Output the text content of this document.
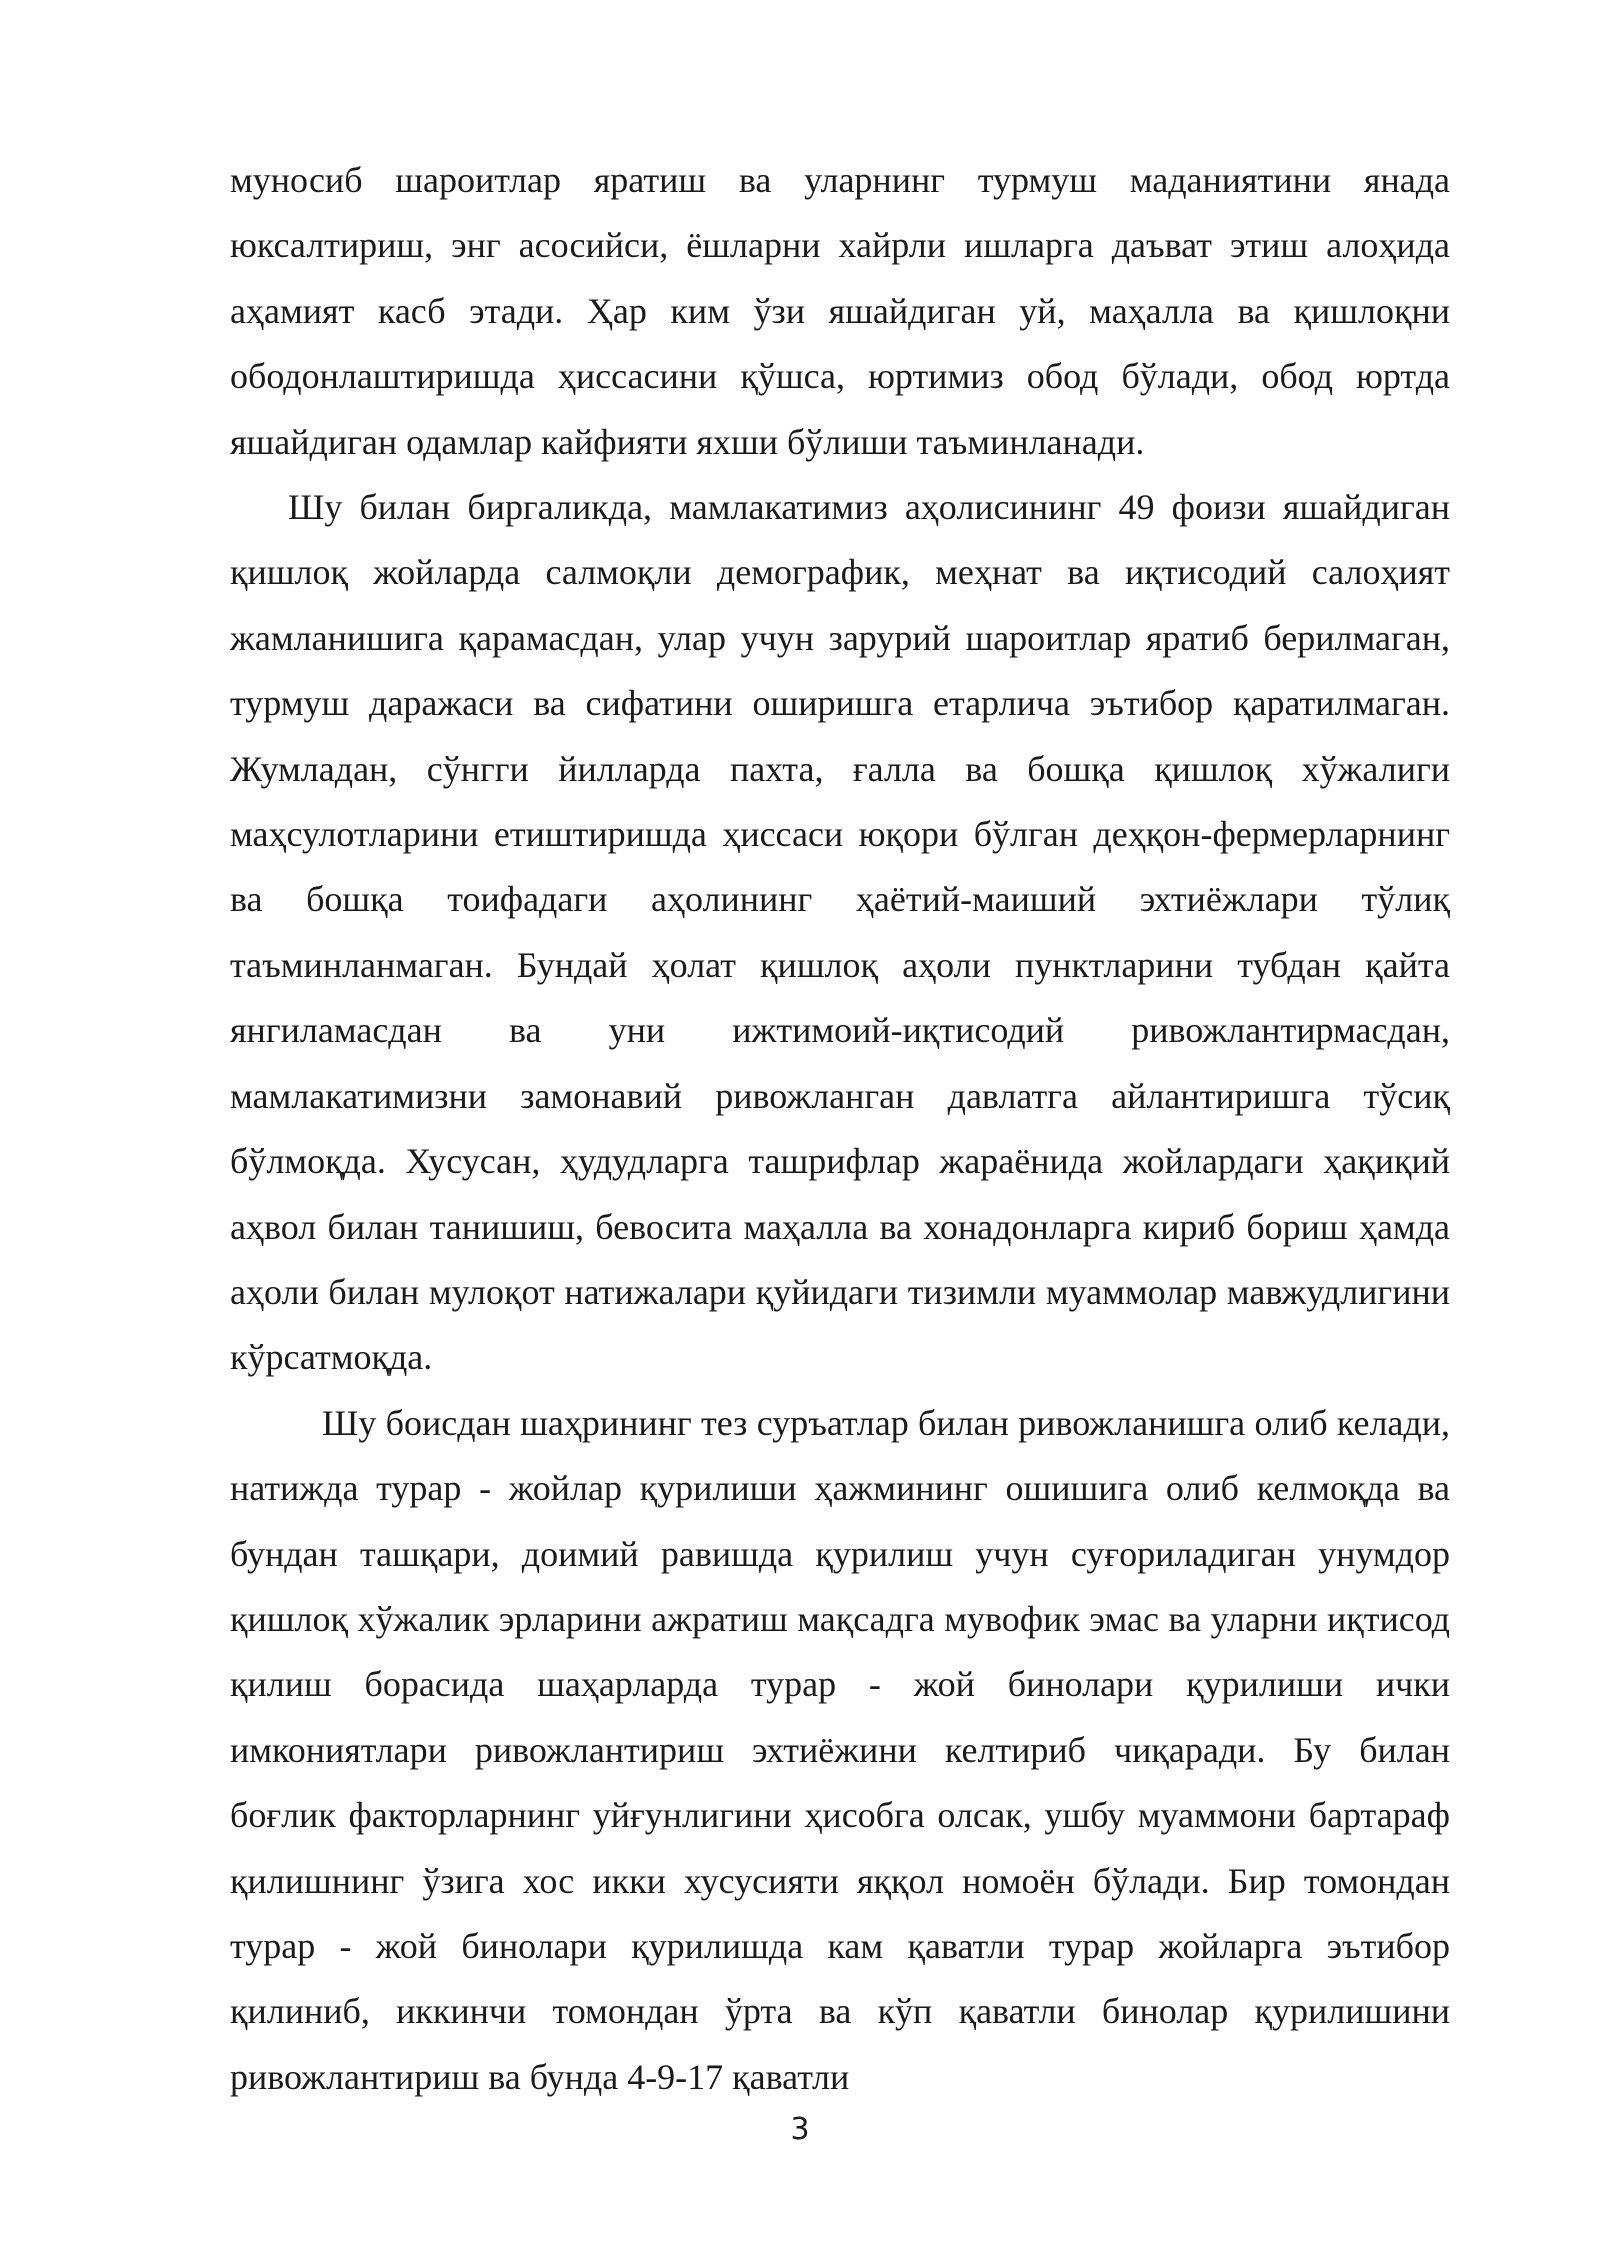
муносиб шароитлар яратиш ва уларнинг турмуш маданиятини янада юксалтириш, энг асосийси, ёшларни хайрли ишларга даъват этиш алоҳида аҳамият касб этади. Ҳар ким ўзи яшайдиган уй, маҳалла ва қишлоқни ободонлаштиришда ҳиссасини қўшса, юртимиз обод бўлади, обод юртда яшайдиган одамлар кайфияти яхши бўлиши таъминланади.

Шу билан биргаликда, мамлакатимиз аҳолисининг 49 фоизи яшайдиган қишлоқ жойларда салмоқли демографик, меҳнат ва иқтисодий салоҳият жамланишига қарамасдан, улар учун зарурий шароитлар яратиб берилмаган, турмуш даражаси ва сифатини оширишга етарлича эътибор қаратилмаган. Жумладан, сўнгги йилларда пахта, ғалла ва бошқа қишлоқ хўжалиги маҳсулотларини етиштиришда ҳиссаси юқори бўлган деҳқон-фермерларнинг ва бошқа тоифадаги аҳолининг ҳаётий-маиший эхтиёжлари тўлиқ таъминланмаган. Бундай ҳолат қишлоқ аҳоли пунктларини тубдан қайта янгиламасдан ва уни ижтимоий-иқтисодий ривожлантирмасдан, мамлакатимизни замонавий ривожланган давлатга айлантиришга тўсиқ бўлмоқда. Хусусан, ҳудудларга ташрифлар жараёнида жойлардаги ҳақиқий аҳвол билан танишиш, бевосита маҳалла ва хонадонларга кириб бориш ҳамда аҳоли билан мулоқот натижалари қуйидаги тизимли муаммолар мавжудлигини кўрсатмоқда.

Шу боисдан шаҳрининг тез суръатлар билан ривожланишга олиб келади, натижда турар - жойлар қурилиши ҳажмининг ошишига олиб келмоқда ва бундан ташқари, доимий равишда қурилиш учун суғориладиган унумдор қишлоқ хўжалик эрларини ажратиш мақсадга мувофик эмас ва уларни иқтисод қилиш борасида шаҳарларда турар - жой бинолари қурилиши ички имкониятлари ривожлантириш эхтиёжини келтириб чиқаради. Бу билан боғлик факторларнинг уйғунлигини ҳисобга олсак, ушбу муаммони бартараф қилишнинг ўзига хос икки хусусияти яққол номоён бўлади. Бир томондан турар - жой бинолари қурилишда кам қаватли турар жойларга эътибор қилиниб, иккинчи томондан ўрта ва кўп қаватли бинолар қурилишини ривожлантириш ва бунда 4-9-17 қаватли

3
